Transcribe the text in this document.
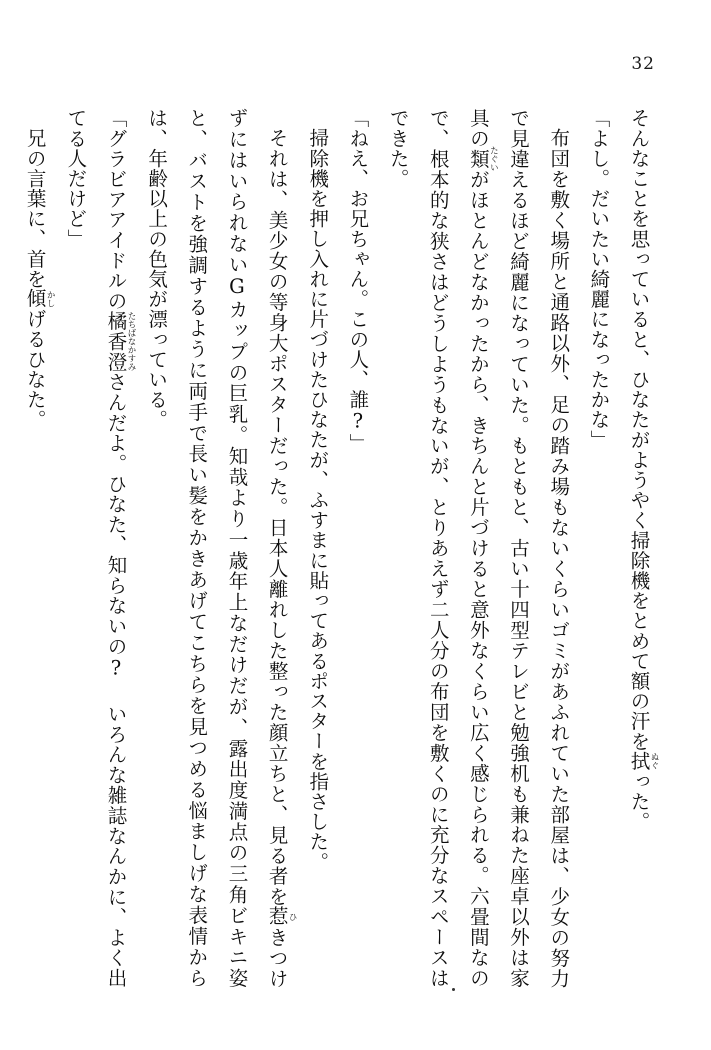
32

そんなことを思っていると、ひなたがようやく掃除機をとめて額の汗を拭ぬぐった。

「よし。だいたい綺麗になったかな」

布団を敷く場所と通路以外、足の踏み場もないくらいゴミがあふれていた部屋は、少女の努力で見違えるほど綺麗になっていた。もともと、古い十四型テレビと勉強机も兼ねた座卓以外は家具の類たぐいがほとんどなかったから、きちんと片づけると意外なくらい広く感じられる。六畳間なので、根本的な狭さはどうしようもないが、とりあえず二人分の布団を敷くのに充分なスペースはできた。

「ねえ、お兄ちゃん。この人、誰?」

掃除機を押し入れに片づけたひなたが、ふすまに貼ってあるポスターを指さした。

それは、美少女の等身大ポスターだった。日本人離れした整った顔立ちと、見る者を惹ひきつけずにはいられないGカップの巨乳。知哉より一歳年上なだけだが、露出度満点の三角ビキニ姿と、バストを強調するように両手で長い髪をかきあげてこちらを見つめる悩ましげな表情からは、年齢以上の色気が漂っている。

「グラビアアイドルの橘香澄たちばなかすみさんだよ。ひなた、知らないの? いろんな雑誌なんかに、よく出てる人だけど」

兄の言葉に、首を傾かしげるひなた。
